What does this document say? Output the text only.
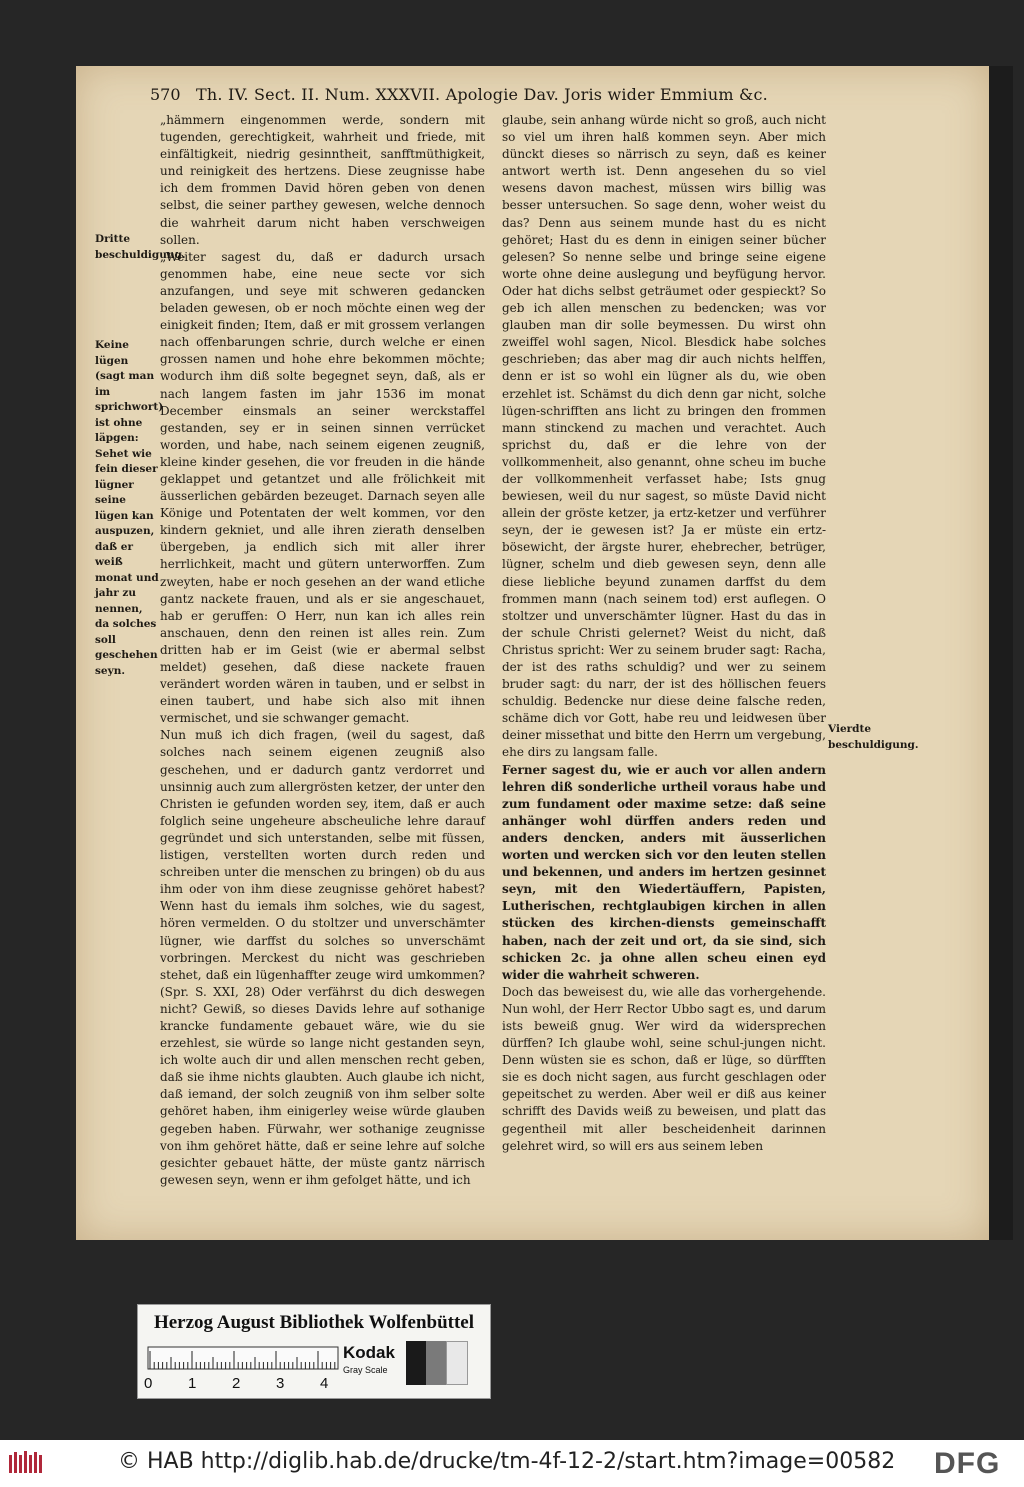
570 Th. IV. Sect. II. Num. XXXVII. Apologie Dav. Joris wider Emmium &c.
Dritte beschuldigung.
Keine lügen (sagt man im sprichwort) ist ohne läpgen: Sehet wie fein dieser lügner seine lügen kan auspuzen, daß er weiß monat und jahr zu nennen, da solches soll geschehen seyn.
Vierdte beschuldigung.

„hämmern eingenommen werde, sondern mit tugenden, gerechtigkeit, wahrheit und friede, mit einfältigkeit, niedrig gesinntheit, sanfftmüthigkeit, und reinigkeit des hertzens. Diese zeugnisse habe ich dem frommen David hören geben von denen selbst, die seiner parthey gewesen, welche dennoch die wahrheit darum nicht haben verschweigen sollen.

„Weiter sagest du, daß er dadurch ursach genommen habe, eine neue secte vor sich anzufangen, und seye mit schweren gedancken beladen gewesen, ob er noch möchte einen weg der einigkeit finden; Item, daß er mit grossem verlangen nach offenbarungen schrie, durch welche er einen grossen namen und hohe ehre bekommen möchte; wodurch ihm diß solte begegnet seyn, daß, als er nach langem fasten im jahr 1536 im monat December einsmals an seiner werckstaffel gestanden, sey er in seinen sinnen verrücket worden, und habe, nach seinem eigenen zeugniß, kleine kinder gesehen, die vor freuden in die hände geklappet und getantzet und alle frölichkeit mit äusserlichen gebärden bezeuget. Darnach seyen alle Könige und Potentaten der welt kommen, vor den kindern gekniet, und alle ihren zierath denselben übergeben, ja endlich sich mit aller ihrer herrlichkeit, macht und gütern unterworffen. Zum zweyten, habe er noch gesehen an der wand etliche gantz nackete frauen, und als er sie angeschauet, hab er geruffen: O Herr, nun kan ich alles rein anschauen, denn den reinen ist alles rein. Zum dritten hab er im Geist (wie er abermal selbst meldet) gesehen, daß diese nackete frauen verändert worden wären in tauben, und er selbst in einen taubert, und habe sich also mit ihnen vermischet, und sie schwanger gemacht.

Nun muß ich dich fragen, (weil du sagest, daß solches nach seinem eigenen zeugniß also geschehen, und er dadurch gantz verdorret und unsinnig auch zum allergrösten ketzer, der unter den Christen ie gefunden worden sey, item, daß er auch folglich seine ungeheure abscheuliche lehre darauf gegründet und sich unterstanden, selbe mit füssen, listigen, verstellten worten durch reden und schreiben unter die menschen zu bringen) ob du aus ihm oder von ihm diese zeugnisse gehöret habest? Wenn hast du iemals ihm solches, wie du sagest, hören vermelden. O du stoltzer und unverschämter lügner, wie darffst du solches so unverschämt vorbringen. Merckest du nicht was geschrieben stehet, daß ein lügenhaffter zeuge wird umkommen? (Spr. S. XXI, 28) Oder verfährst du dich deswegen nicht? Gewiß, so dieses Davids lehre auf sothanige krancke fundamente gebauet wäre, wie du sie erzehlest, sie würde so lange nicht gestanden seyn, ich wolte auch dir und allen menschen recht geben, daß sie ihme nichts glaubten. Auch glaube ich nicht, daß iemand, der solch zeugniß von ihm selber solte gehöret haben, ihm einigerley weise würde glauben gegeben haben. Fürwahr, wer sothanige zeugnisse von ihm gehöret hätte, daß er seine lehre auf solche gesichter gebauet hätte, der müste gantz närrisch gewesen seyn, wenn er ihm gefolget hätte, und ich

glaube, sein anhang würde nicht so groß, auch nicht so viel um ihren halß kommen seyn. Aber mich dünckt dieses so närrisch zu seyn, daß es keiner antwort werth ist. Denn angesehen du so viel wesens davon machest, müssen wirs billig was besser untersuchen. So sage denn, woher weist du das? Denn aus seinem munde hast du es nicht gehöret; Hast du es denn in einigen seiner bücher gelesen? So nenne selbe und bringe seine eigene worte ohne deine auslegung und beyfügung hervor. Oder hat dichs selbst geträumet oder gespieckt? So geb ich allen menschen zu bedencken; was vor glauben man dir solle beymessen. Du wirst ohn zweiffel wohl sagen, Nicol. Blesdick habe solches geschrieben; das aber mag dir auch nichts helffen, denn er ist so wohl ein lügner als du, wie oben erzehlet ist. Schämst du dich denn gar nicht, solche lügen-schrifften ans licht zu bringen den frommen mann stinckend zu machen und verachtet. Auch sprichst du, daß er die lehre von der vollkommenheit, also genannt, ohne scheu im buche der vollkommenheit verfasset habe; Ists gnug bewiesen, weil du nur sagest, so müste David nicht allein der gröste ketzer, ja ertz-ketzer und verführer seyn, der ie gewesen ist? Ja er müste ein ertz-bösewicht, der ärgste hurer, ehebrecher, betrüger, lügner, schelm und dieb gewesen seyn, denn alle diese liebliche beyund zunamen darffst du dem frommen mann (nach seinem tod) erst auflegen. O stoltzer und unverschämter lügner. Hast du das in der schule Christi gelernet? Weist du nicht, daß Christus spricht: Wer zu seinem bruder sagt: Racha, der ist des raths schuldig? und wer zu seinem bruder sagt: du narr, der ist des höllischen feuers schuldig. Bedencke nur diese deine falsche reden, schäme dich vor Gott, habe reu und leidwesen über deiner missethat und bitte den Herrn um vergebung, ehe dirs zu langsam falle.

Ferner sagest du, wie er auch vor allen andern lehren diß sonderliche urtheil voraus habe und zum fundament oder maxime setze: daß seine anhänger wohl dürffen anders reden und anders dencken, anders mit äusserlichen worten und wercken sich vor den leuten stellen und bekennen, und anders im hertzen gesinnet seyn, mit den Wiedertäuffern, Papisten, Lutherischen, rechtglaubigen kirchen in allen stücken des kirchen-diensts gemeinschafft haben, nach der zeit und ort, da sie sind, sich schicken 2c. ja ohne allen scheu einen eyd wider die wahrheit schweren.

Doch das beweisest du, wie alle das vorhergehende. Nun wohl, der Herr Rector Ubbo sagt es, und darum ists beweiß gnug. Wer wird da widersprechen dürffen? Ich glaube wohl, seine schul-jungen nicht. Denn wüsten sie es schon, daß er lüge, so dürfften sie es doch nicht sagen, aus furcht geschlagen oder gepeitschet zu werden. Aber weil er diß aus keiner schrifft des Davids weiß zu beweisen, und platt das gegentheil mit aller bescheidenheit darinnen gelehret wird, so will ers aus seinem leben

Herzog August Bibliothek Wolfenbüttel
0 1 2 3 4
Kodak
Gray Scale
© HAB http://diglib.hab.de/drucke/tm-4f-12-2/start.htm?image=00582 DFG
